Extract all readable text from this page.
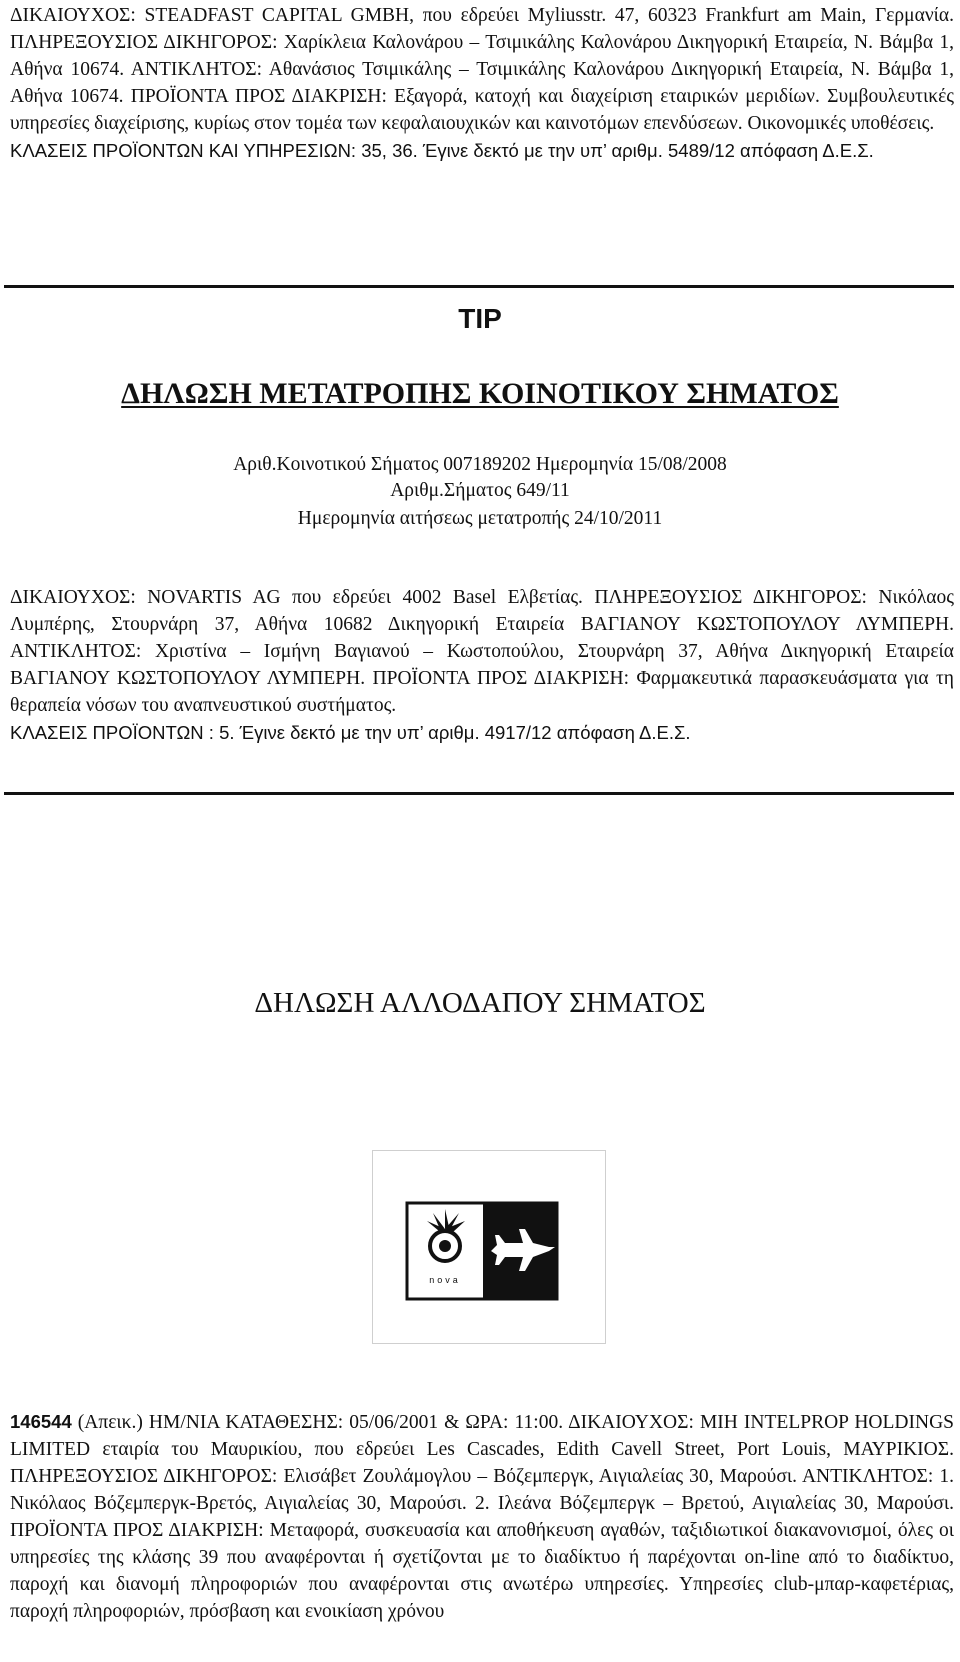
ΔΙΚΑΙΟΥΧΟΣ: STEADFAST CAPITAL GMBH, που εδρεύει Myliusstr. 47, 60323 Frankfurt am Main, Γερμανία. ΠΛΗΡΕΞΟΥΣΙΟΣ ΔΙΚΗΓΟΡΟΣ: Χαρίκλεια Καλονάρου – Τσιμικάλης Καλονάρου Δικηγορική Εταιρεία, Ν. Βάμβα 1, Αθήνα 10674. ΑΝΤΙΚΛΗΤΟΣ: Αθανάσιος Τσιμικάλης – Τσιμικάλης Καλονάρου Δικηγορική Εταιρεία, Ν. Βάμβα 1, Αθήνα 10674. ΠΡΟΪΟΝΤΑ ΠΡΟΣ ΔΙΑΚΡΙΣΗ: Εξαγορά, κατοχή και διαχείριση εταιρικών μεριδίων. Συμβουλευτικές υπηρεσίες διαχείρισης, κυρίως στον τομέα των κεφαλαιουχικών και καινοτόμων επενδύσεων. Οικονομικές υποθέσεις.
ΚΛΑΣΕΙΣ ΠΡΟΪΟΝΤΩΝ ΚΑΙ ΥΠΗΡΕΣΙΩΝ: 35, 36. Έγινε δεκτό με την υπ’ αριθμ. 5489/12 απόφαση Δ.Ε.Σ.
TIP
ΔΗΛΩΣΗ ΜΕΤΑΤΡΟΠΗΣ ΚΟΙΝΟΤΙΚΟΥ ΣΗΜΑΤΟΣ
Αριθ.Κοινοτικού Σήματος 007189202 Ημερομηνία 15/08/2008
Αριθμ.Σήματος 649/11
Ημερομηνία αιτήσεως μετατροπής 24/10/2011
ΔΙΚΑΙΟΥΧΟΣ: NOVARTIS AG που εδρεύει 4002 Basel Ελβετίας. ΠΛΗΡΕΞΟΥΣΙΟΣ ΔΙΚΗΓΟΡΟΣ: Νικόλαος Λυμπέρης, Στουρνάρη 37, Αθήνα 10682 Δικηγορική Εταιρεία ΒΑΓΙΑΝΟΥ ΚΩΣΤΟΠΟΥΛΟΥ ΛΥΜΠΕΡΗ. ΑΝΤΙΚΛΗΤΟΣ: Χριστίνα – Ισμήνη Βαγιανού – Κωστοπούλου, Στουρνάρη 37, Αθήνα Δικηγορική Εταιρεία ΒΑΓΙΑΝΟΥ ΚΩΣΤΟΠΟΥΛΟΥ ΛΥΜΠΕΡΗ. ΠΡΟΪΟΝΤΑ ΠΡΟΣ ΔΙΑΚΡΙΣΗ: Φαρμακευτικά παρασκευάσματα για τη θεραπεία νόσων του αναπνευστικού συστήματος.
ΚΛΑΣΕΙΣ ΠΡΟΪΟΝΤΩΝ : 5. Έγινε δεκτό με την υπ’ αριθμ. 4917/12 απόφαση Δ.Ε.Σ.
ΔΗΛΩΣΗ ΑΛΛΟΔΑΠΟΥ ΣΗΜΑΤΟΣ
nova
146544 (Απεικ.) ΗΜ/ΝΙΑ ΚΑΤΑΘΕΣΗΣ: 05/06/2001 & ΩΡΑ: 11:00. ΔΙΚΑΙΟΥΧΟΣ: MIH INTELPROP HOLDINGS LIMITED εταιρία του Μαυρικίου, που εδρεύει Les Cascades, Edith Cavell Street, Port Louis, ΜΑΥΡΙΚΙΟΣ. ΠΛΗΡΕΞΟΥΣΙΟΣ ΔΙΚΗΓΟΡΟΣ: Ελισάβετ Ζουλάμογλου – Βόζεμπεργκ, Αιγιαλείας 30, Μαρούσι. ΑΝΤΙΚΛΗΤΟΣ: 1. Νικόλαος Βόζεμπεργκ-Βρετός, Αιγιαλείας 30, Μαρούσι. 2. Ιλεάνα Βόζεμπεργκ – Βρετού, Αιγιαλείας 30, Μαρούσι. ΠΡΟΪΟΝΤΑ ΠΡΟΣ ΔΙΑΚΡΙΣΗ: Μεταφορά, συσκευασία και αποθήκευση αγαθών, ταξιδιωτικοί διακανονισμοί, όλες οι υπηρεσίες της κλάσης 39 που αναφέρονται ή σχετίζονται με το διαδίκτυο ή παρέχονται on-line από το διαδίκτυο, παροχή και διανομή πληροφοριών που αναφέρονται στις ανωτέρω υπηρεσίες. Υπηρεσίες club-μπαρ-καφετέριας, παροχή πληροφοριών, πρόσβαση και ενοικίαση χρόνου
